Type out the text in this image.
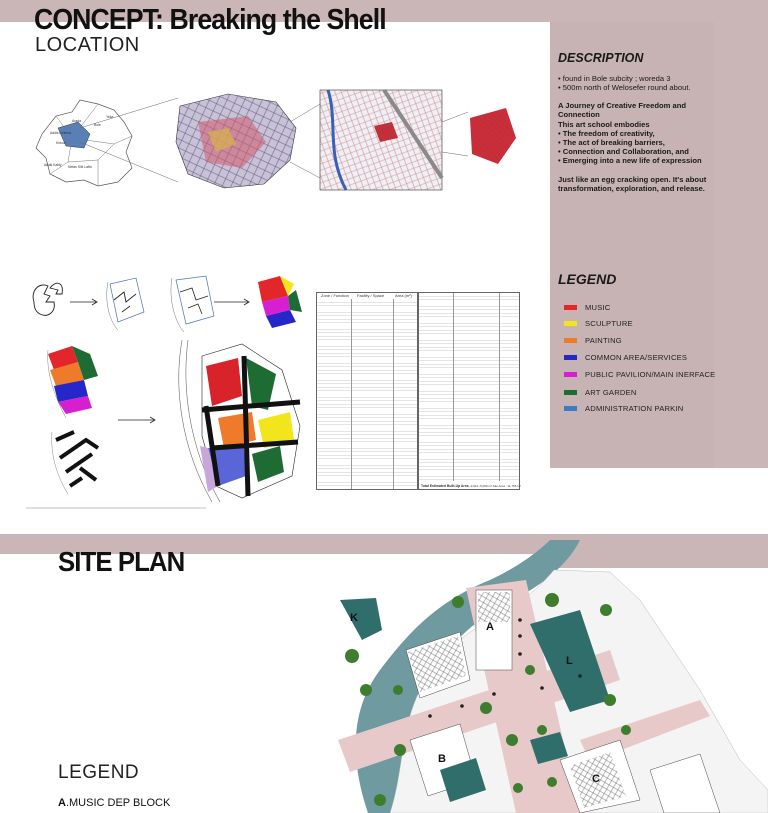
CONCEPT: Breaking the Shell
LOCATION
Bole
Yeka
Kirkos
Nefas Silk Lafto
Addis Ketema
Akaki Kality
Arada
Zone / Function Facility / Space	Area (m²)
Total Estimated Built-Up Area ~3,910 -5,000 m² Site Area : 11,765 m²
DESCRIPTION
• found in Bole subcity ; woreda 3
• 500m north of Welosefer round about.
A Journey of Creative Freedom and Connection
This art school embodies
• The freedom of creativity,
• The act of breaking barriers,
• Connection and Collaboration, and
• Emerging into a new life of expression
Just like an egg cracking open. It's about transformation, exploration, and release.
LEGEND
MUSIC
SCULPTURE
PAINTING
COMMON AREA/SERVICES
PUBLIC PAVILION/MAIN INERFACE
ART GARDEN
ADMINISTRATION PARKIN
SITE PLAN
LEGEND
A.MUSIC DEP BLOCK
K
A
L
B
C
